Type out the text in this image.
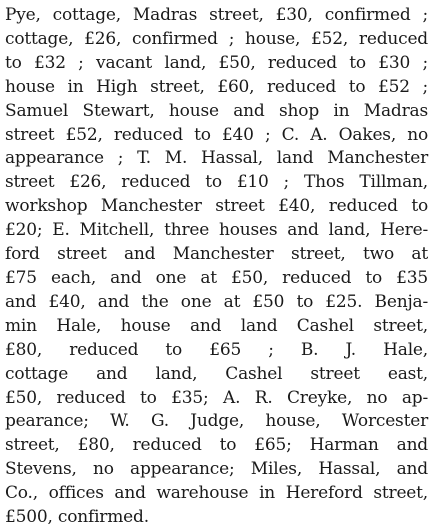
Pye, cottage, Madras street, £30, confirmed ;
cottage, £26, confirmed ; house, £52, reduced
to £32 ; vacant land, £50, reduced to £30 ;
house in High street, £60, reduced to £52 ;
Samuel Stewart, house and shop in Madras
street £52, reduced to £40 ; C. A. Oakes, no
appearance ; T. M. Hassal, land Manchester
street £26, reduced to £10 ; Thos Tillman,
workshop Manchester street £40, reduced to
£20; E. Mitchell, three houses and land, Here-
ford street and Manchester street, two at
£75 each, and one at £50, reduced to £35
and £40, and the one at £50 to £25. Benja-
min Hale, house and land Cashel street,
£80, reduced to £65 ; B. J. Hale,
cottage and land, Cashel street east,
£50, reduced to £35; A. R. Creyke, no ap-
pearance; W. G. Judge, house, Worcester
street, £80, reduced to £65; Harman and
Stevens, no appearance; Miles, Hassal, and
Co., offices and warehouse in Hereford street,
£500, confirmed.
